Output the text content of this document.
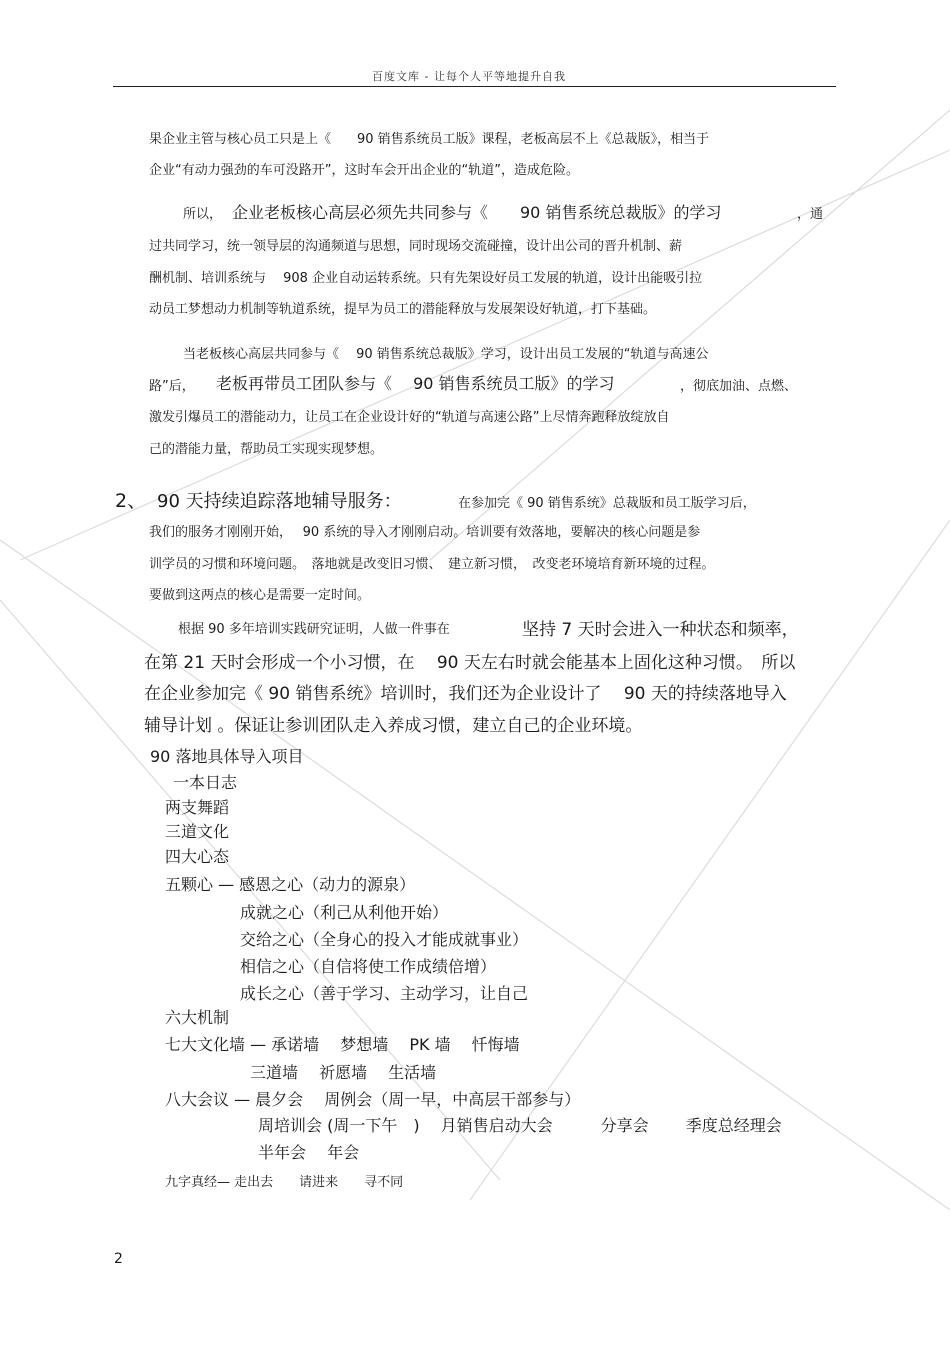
百度文库 - 让每个人平等地提升自我
果企业主管与核心员工只是上《　　90 销售系统员工版》课程，老板高层不上《总裁版》，相当于
企业“有动力强劲的车可没路开”，这时车会开出企业的“轨道”，造成危险。
所以， 企业老板核心高层必须先共同参与《　　90 销售系统总裁版》的学习	，通
过共同学习，统一领导层的沟通频道与思想，同时现场交流碰撞，设计出公司的晋升机制、薪
酬机制、培训系统与　 908 企业自动运转系统。只有先架设好员工发展的轨道，设计出能吸引拉
动员工梦想动力机制等轨道系统，提早为员工的潜能释放与发展架设好轨道，打下基础。
当老板核心高层共同参与《　 90 销售系统总裁版》学习，设计出员工发展的“轨道与高速公
路”后， 老板再带员工团队参与《　 90 销售系统员工版》的学习	，彻底加油、点燃、
激发引爆员工的潜能动力，让员工在企业设计好的“轨道与高速公路”上尽情奔跑释放绽放自
己的潜能力量，帮助员工实现实现梦想。
2、 90 天持续追踪落地辅导服务：	在参加完《 90 销售系统》总裁版和员工版学习后，
我们的服务才刚刚开始，　 90 系统的导入才刚刚启动。培训要有效落地，要解决的核心问题是参
训学员的习惯和环境问题。　落地就是改变旧习惯、　建立新习惯，　改变老环境培育新环境的过程。
要做到这两点的核心是需要一定时间。
根据 90 多年培训实践研究证明，人做一件事在	坚持 7 天时会进入一种状态和频率，
在第 21 天时会形成一个小习惯，在　 90 天左右时就会能基本上固化这种习惯。　所以
在企业参加完《 90 销售系统》培训时，我们还为企业设计了　 90 天的持续落地导入
辅导计划 。保证让参训团队走入养成习惯，建立自己的企业环境。
90 落地具体导入项目
一本日志
两支舞蹈
三道文化
四大心态
五颗心 — 感恩之心（动力的源泉）
成就之心（利己从利他开始）
交给之心（全身心的投入才能成就事业）
相信之心（自信将使工作成绩倍增）
成长之心（善于学习、主动学习，让自己
六大机制
七大文化墙 — 承诺墙　 梦想墙　 PK 墙　 忏悔墙
三道墙　 祈愿墙　 生活墙
八大会议 — 晨夕会　 周例会（周一早，中高层干部参与）
周培训会 (周一下午　)　 月销售启动大会　　　分享会　　 季度总经理会
半年会　 年会
九字真经— 走出去　　请进来　　寻不同
2
